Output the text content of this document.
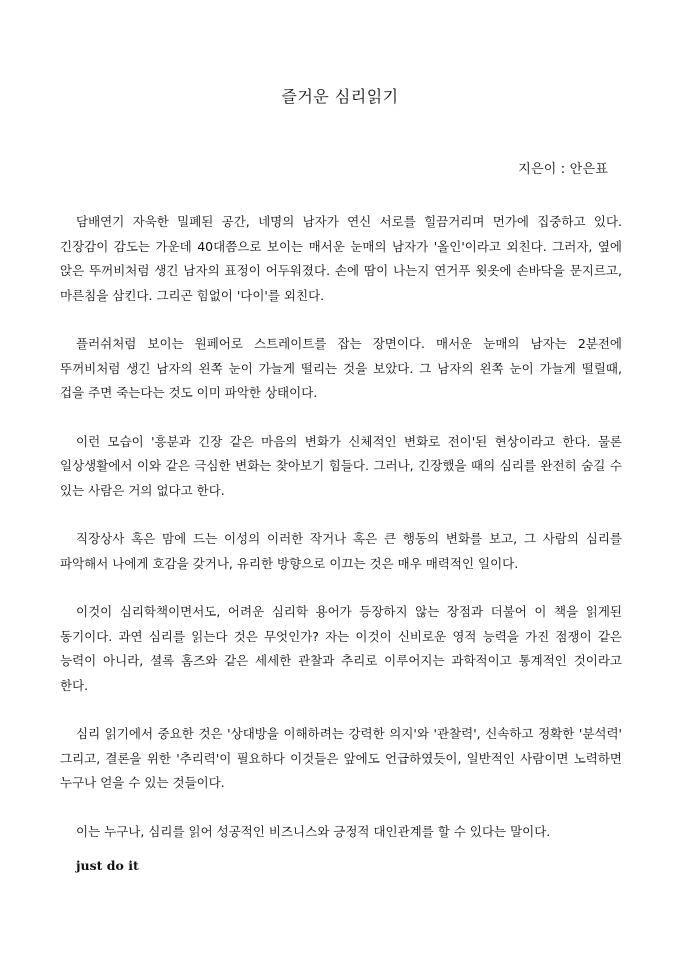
즐거운 심리읽기
지은이 : 안은표

담배연기 자욱한 밀폐된 공간, 네명의 남자가 연신 서로를 힐끔거리며 먼가에 집중하고 있다. 긴장감이 감도는 가운데 40대쯤으로 보이는 매서운 눈매의 남자가 '올인'이라고 외친다. 그러자, 옆에 앉은 뚜꺼비처럼 생긴 남자의 표정이 어두워졌다. 손에 땀이 나는지 연거푸 윗옷에 손바닥을 문지르고, 마른침을 삼킨다. 그리곤 힘없이 '다이'를 외친다.

플러쉬처럼 보이는 원페어로 스트레이트를 잡는 장면이다. 매서운 눈매의 남자는 2분전에 뚜꺼비처럼 생긴 남자의 왼쪽 눈이 가늘게 떨리는 것을 보았다. 그 남자의 왼쪽 눈이 가늘게 떨릴때, 겁을 주면 죽는다는 것도 이미 파악한 상태이다.

이런 모습이 '흥분과 긴장 같은 마음의 변화가 신체적인 변화로 전이'된 현상이라고 한다. 물론 일상생활에서 이와 같은 극심한 변화는 찾아보기 힘들다. 그러나, 긴장했을 때의 심리를 완전히 숨길 수 있는 사람은 거의 없다고 한다.

직장상사 혹은 맘에 드는 이성의 이러한 작거나 혹은 큰 행동의 변화를 보고, 그 사람의 심리를 파악해서 나에게 호감을 갖거나, 유리한 방향으로 이끄는 것은 매우 매력적인 일이다.

이것이 심리학책이면서도, 어려운 심리학 용어가 등장하지 않는 장점과 더불어 이 책을 읽게된 동기이다. 과연 심리를 읽는다 것은 무엇인가? 자는 이것이 신비로운 영적 능력을 가진 점쟁이 같은 능력이 아니라, 셜록 홈즈와 같은 세세한 관찰과 추리로 이루어지는 과학적이고 통계적인 것이라고 한다.

심리 읽기에서 중요한 것은 '상대방을 이해하려는 강력한 의지'와 '관찰력', 신속하고 정확한 '분석력' 그리고, 결론을 위한 '추리력'이 필요하다 이것들은 앞에도 언급하였듯이, 일반적인 사람이면 노력하면 누구나 얻을 수 있는 것들이다.

이는 누구나, 심리를 읽어 성공적인 비즈니스와 긍정적 대인관계를 할 수 있다는 말이다.

just do it
